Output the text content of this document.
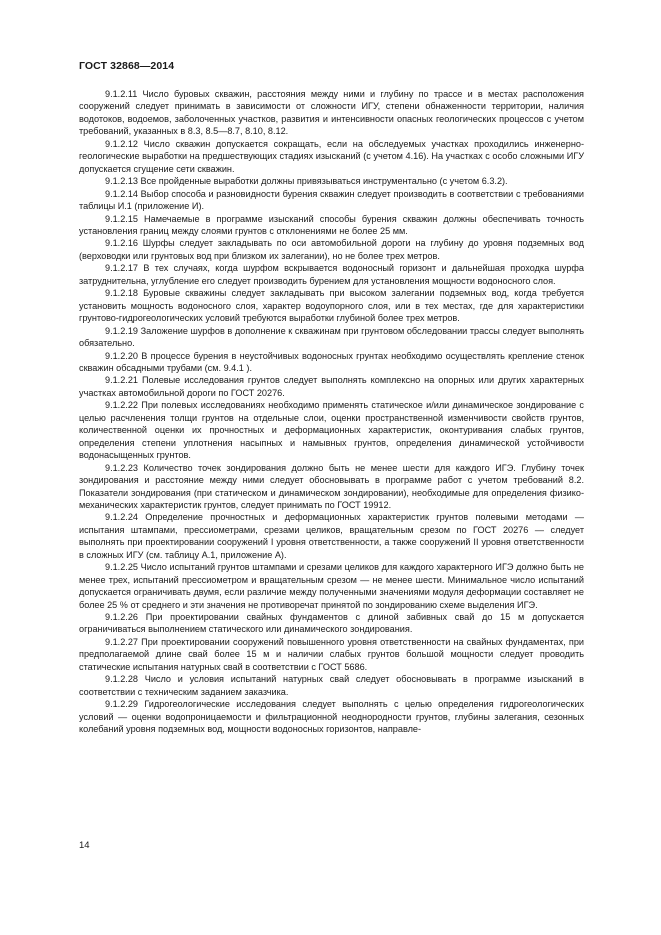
ГОСТ 32868—2014

9.1.2.11 Число буровых скважин, расстояния между ними и глубину по трассе и в местах расположения сооружений следует принимать в зависимости от сложности ИГУ, степени обнаженности территории, наличия водотоков, водоемов, заболоченных участков, развития и интенсивности опасных геологических процессов с учетом требований, указанных в 8.3, 8.5—8.7, 8.10, 8.12.

9.1.2.12 Число скважин допускается сокращать, если на обследуемых участках проходились инженерно-геологические выработки на предшествующих стадиях изысканий (с учетом 4.16). На участках с особо сложными ИГУ допускается сгущение сети скважин.

9.1.2.13 Все пройденные выработки должны привязываться инструментально (с учетом 6.3.2).

9.1.2.14 Выбор способа и разновидности бурения скважин следует производить в соответствии с требованиями таблицы И.1 (приложение И).

9.1.2.15 Намечаемые в программе изысканий способы бурения скважин должны обеспечивать точность установления границ между слоями грунтов с отклонениями не более 25 мм.

9.1.2.16 Шурфы следует закладывать по оси автомобильной дороги на глубину до уровня подземных вод (верховодки или грунтовых вод при близком их залегании), но не более трех метров.

9.1.2.17 В тех случаях, когда шурфом вскрывается водоносный горизонт и дальнейшая проходка шурфа затруднительна, углубление его следует производить бурением для установления мощности водоносного слоя.

9.1.2.18 Буровые скважины следует закладывать при высоком залегании подземных вод, когда требуется установить мощность водоносного слоя, характер водоупорного слоя, или в тех местах, где для характеристики грунтово-гидрогеологических условий требуются выработки глубиной более трех метров.

9.1.2.19 Заложение шурфов в дополнение к скважинам при грунтовом обследовании трассы следует выполнять обязательно.

9.1.2.20 В процессе бурения в неустойчивых водоносных грунтах необходимо осуществлять крепление стенок скважин обсадными трубами (см. 9.4.1 ).

9.1.2.21 Полевые исследования грунтов следует выполнять комплексно на опорных или других характерных участках автомобильной дороги по ГОСТ 20276.

9.1.2.22 При полевых исследованиях необходимо применять статическое и/или динамическое зондирование с целью расчленения толщи грунтов на отдельные слои, оценки пространственной изменчивости свойств грунтов, количественной оценки их прочностных и деформационных характеристик, оконтуривания слабых грунтов, определения степени уплотнения насыпных и намывных грунтов, определения динамической устойчивости водонасыщенных грунтов.

9.1.2.23 Количество точек зондирования должно быть не менее шести для каждого ИГЭ. Глубину точек зондирования и расстояние между ними следует обосновывать в программе работ с учетом требований 8.2. Показатели зондирования (при статическом и динамическом зондировании), необходимые для определения физико-механических характеристик грунтов, следует принимать по ГОСТ 19912.

9.1.2.24 Определение прочностных и деформационных характеристик грунтов полевыми методами — испытания штампами, прессиометрами, срезами целиков, вращательным срезом по ГОСТ 20276 — следует выполнять при проектировании сооружений I уровня ответственности, а также сооружений II уровня ответственности в сложных ИГУ (см. таблицу А.1, приложение А).

9.1.2.25 Число испытаний грунтов штампами и срезами целиков для каждого характерного ИГЭ должно быть не менее трех, испытаний прессиометром и вращательным срезом — не менее шести. Минимальное число испытаний допускается ограничивать двумя, если различие между полученными значениями модуля деформации составляет не более 25 % от среднего и эти значения не противоречат принятой по зондированию схеме выделения ИГЭ.

9.1.2.26 При проектировании свайных фундаментов с длиной забивных свай до 15 м допускается ограничиваться выполнением статического или динамического зондирования.

9.1.2.27 При проектировании сооружений повышенного уровня ответственности на свайных фундаментах, при предполагаемой длине свай более 15 м и наличии слабых грунтов большой мощности следует проводить статические испытания натурных свай в соответствии с ГОСТ 5686.

9.1.2.28 Число и условия испытаний натурных свай следует обосновывать в программе изысканий в соответствии с техническим заданием заказчика.

9.1.2.29 Гидрогеологические исследования следует выполнять с целью определения гидрогеологических условий — оценки водопроницаемости и фильтрационной неоднородности грунтов, глубины залегания, сезонных колебаний уровня подземных вод, мощности водоносных горизонтов, направле-

14
